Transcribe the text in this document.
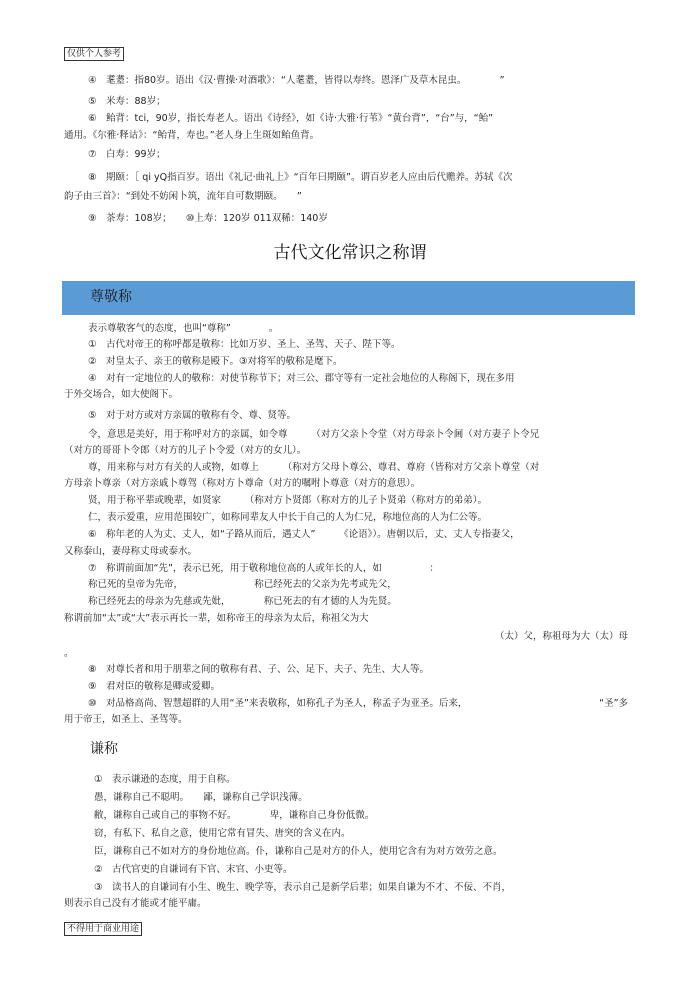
仅供个人参考
④　耄耋：指80岁。语出《汉·曹操·对酒歌》：“人耄耋，皆得以寿终。恩泽广及草木昆虫。　　　　”
⑤　米寿：88岁；
⑥　鲐背：tci，90岁，指长寿老人。语出《诗经》，如《诗·大雅·行苇》“黄台背”，“台”与，“鲐”
通用。《尔雅·释诂》：“鲐背，寿也。”老人身上生斑如鲐鱼背。
⑦　白寿：99岁；
⑧　期颐：［ qi yQ指百岁。语出《礼记·曲礼上》“百年曰期颐”。谓百岁老人应由后代赡养。苏轼《次
韵子由三首》：“到处不妨闲卜筑，流年自可数期颐。　　”
⑨　茶寿：108岁；　　⑩上寿：120岁 011双稀：140岁
古代文化常识之称谓
尊敬称
表示尊敬客气的态度，也叫“尊称”　　　　。
①　古代对帝王的称呼都是敬称：比如万岁、圣上、圣驾、天子、陛下等。
②　对皇太子、亲王的敬称是殿下。③对将军的敬称是麾下。
④　对有一定地位的人的敬称：对使节称节下；对三公、郡守等有一定社会地位的人称阁下，现在多用
于外交场合，如大使阁下。
⑤　对于对方或对方亲属的敬称有令、尊、贤等。
令，意思是美好，用于称呼对方的亲属，如令尊　　　（对方父亲卜令堂（对方母亲卜令阃（对方妻子卜令兄
（对方的哥哥卜令郎（对方的儿子卜令爱（对方的女儿）。
尊，用来称与对方有关的人或物，如尊上　　　（称对方父母卜尊公、尊君、尊府（皆称对方父亲卜尊堂（对
方母亲卜尊亲（对方亲戚卜尊驾（称对方卜尊命（对方的嘱咐卜尊意（对方的意思）。
贤，用于称平辈或晚辈，如贤家　　　（称对方卜贤郎（称对方的儿子卜贤弟（称对方的弟弟）。
仁，表示爱重，应用范围较广，如称同辈友人中长于自己的人为仁兄，称地位高的人为仁公等。
⑥　称年老的人为丈、丈人，如“子路从而后，遇丈人”　　　《论语》）。唐朝以后，丈、丈人专指妻父，
又称泰山，妻母称丈母或泰水。
⑦　称谓前面加“先”，表示已死，用于敬称地位高的人或年长的人，如　　　　　：
称已死的皇帝为先帝，　　　　　　　　称已经死去的父亲为先考或先父，
称已经死去的母亲为先慈或先妣，　　　　称已死去的有才德的人为先贤。
称谓前加“太”或“大”表示再长一辈，如称帝王的母亲为太后，称祖父为大
（太）父，称祖母为大（太）母
。
⑧　对尊长者和用于朋辈之间的敬称有君、子、公、足下、夫子、先生、大人等。
⑨　君对臣的敬称是卿或爱卿。
⑩　对品格高尚、智慧超群的人用“圣”来表敬称，如称孔子为圣人，称孟子为亚圣。后来，	“圣”多
用于帝王，如圣上、圣驾等。
谦称
①　表示谦逊的态度，用于自称。
愚，谦称自己不聪明。　　鄙，谦称自己学识浅薄。
敝，谦称自己或自己的事物不好。　　　　卑，谦称自己身份低微。
窃，有私下、私自之意，使用它常有冒失、唐突的含义在内。
臣，谦称自己不如对方的身份地位高。仆，谦称自己是对方的仆人，使用它含有为对方效劳之意。
②　古代官吏的自谦词有下官、末官、小吏等。
③　读书人的自谦词有小生、晚生、晚学等，表示自己是新学后辈；如果自谦为不才、不佞、不肖，
则表示自己没有才能或才能平庸。
不得用于商业用途
